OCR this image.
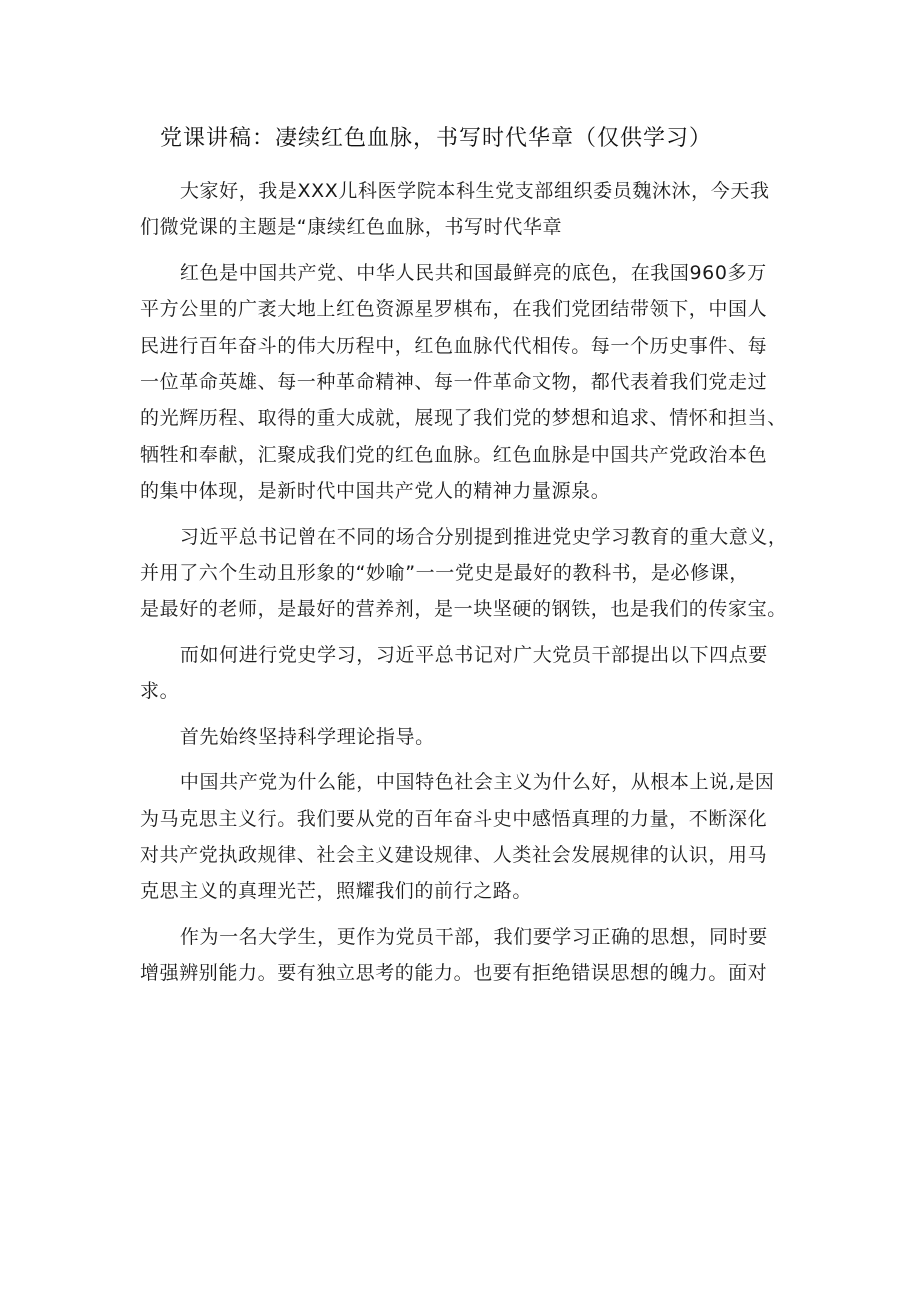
党课讲稿：凄续红色血脉，书写时代华章（仅供学习）

大家好，我是XXX儿科医学院本科生党支部组织委员魏沐沐，今天我
们微党课的主题是“康续红色血脉，书写时代华章

红色是中国共产党、中华人民共和国最鲜亮的底色，在我国960多万
平方公里的广袤大地上红色资源星罗棋布，在我们党团结带领下，中国人
民进行百年奋斗的伟大历程中，红色血脉代代相传。每一个历史事件、每
一位革命英雄、每一种革命精神、每一件革命文物，都代表着我们党走过
的光辉历程、取得的重大成就，展现了我们党的梦想和追求、情怀和担当、
牺牲和奉献，汇聚成我们党的红色血脉。红色血脉是中国共产党政治本色
的集中体现，是新时代中国共产党人的精神力量源泉。

习近平总书记曾在不同的场合分别提到推进党史学习教育的重大意义，
并用了六个生动且形象的“妙喻”一一党史是最好的教科书，是必修课，
是最好的老师，是最好的营养剂，是一块坚硬的钢铁，也是我们的传家宝。

而如何进行党史学习，习近平总书记对广大党员干部提出以下四点要
求。

首先始终坚持科学理论指导。

中国共产党为什么能，中国特色社会主义为什么好，从根本上说,是因
为马克思主义行。我们要从党的百年奋斗史中感悟真理的力量，不断深化
对共产党执政规律、社会主义建设规律、人类社会发展规律的认识，用马
克思主义的真理光芒，照耀我们的前行之路。

作为一名大学生，更作为党员干部，我们要学习正确的思想，同时要
增强辨别能力。要有独立思考的能力。也要有拒绝错误思想的魄力。面对
